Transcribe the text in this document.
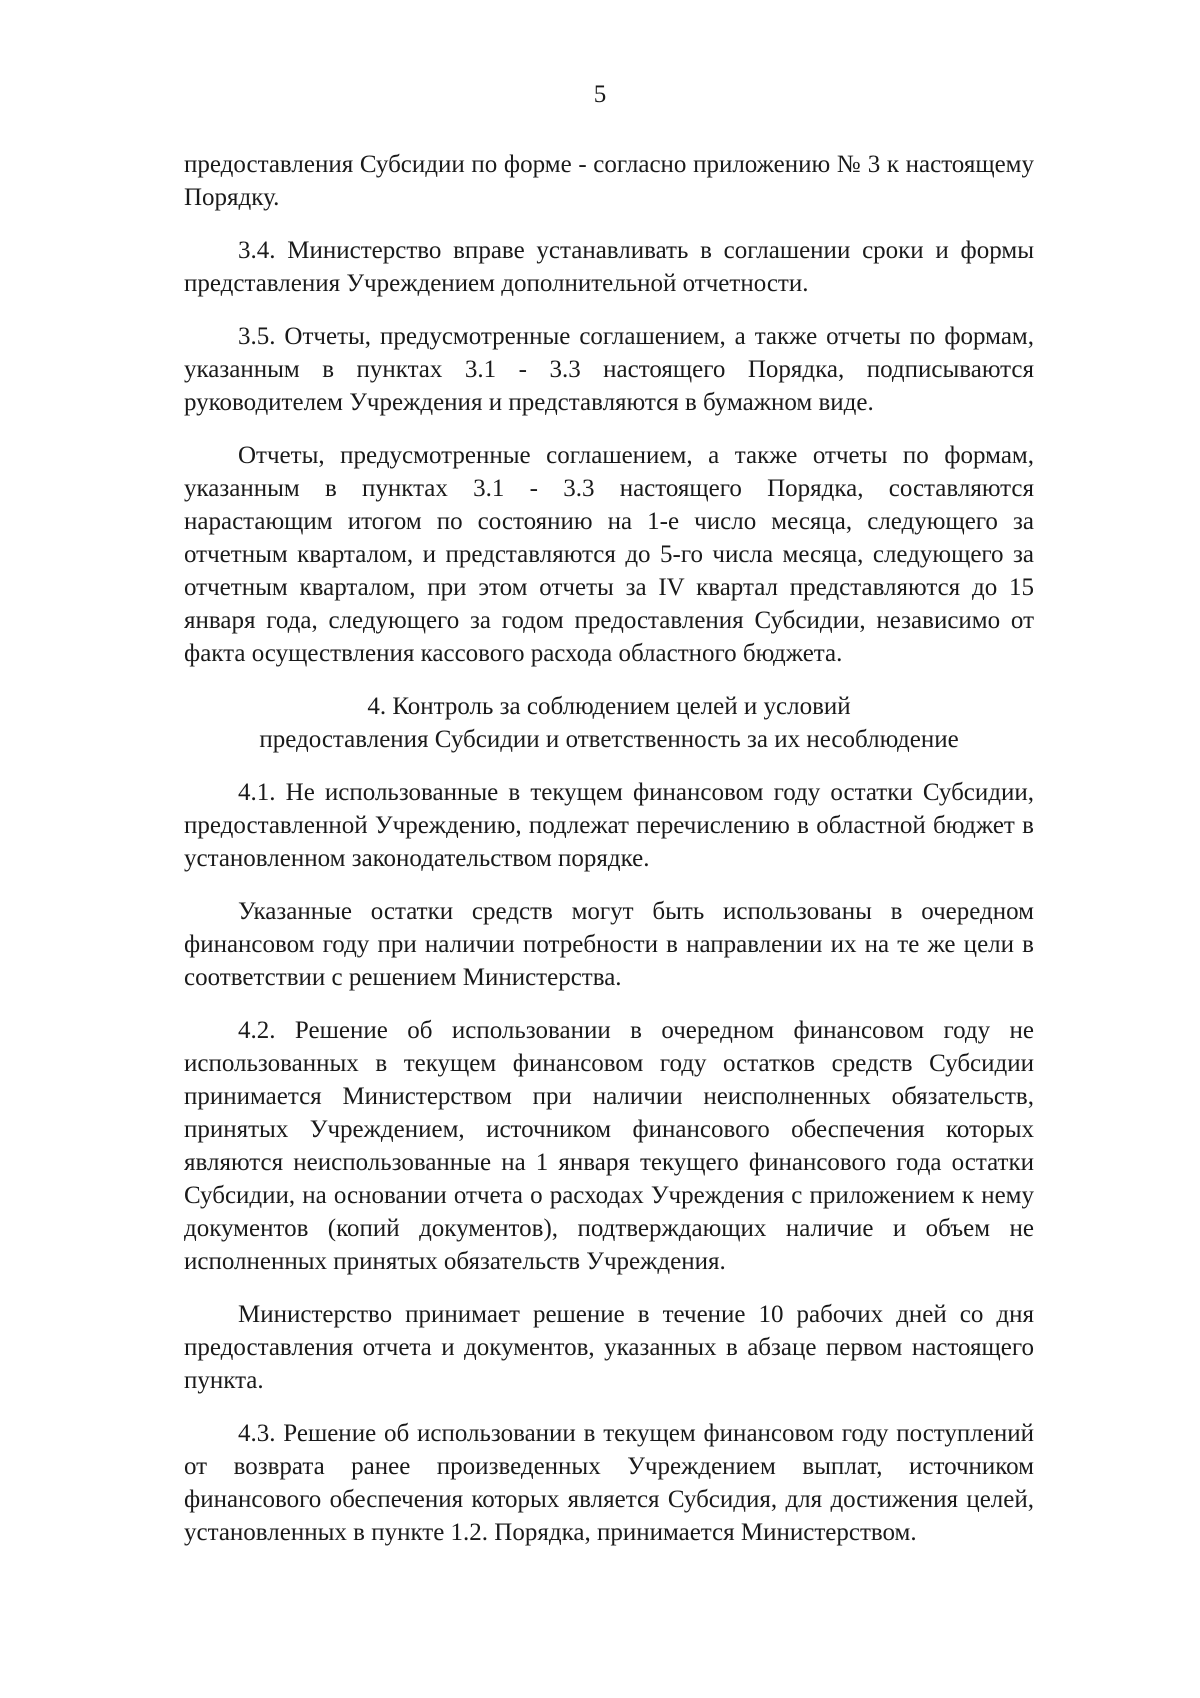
5

предоставления Субсидии по форме - согласно приложению № 3 к настоящему Порядку.

3.4. Министерство вправе устанавливать в соглашении сроки и формы представления Учреждением дополнительной отчетности.

3.5. Отчеты, предусмотренные соглашением, а также отчеты по формам, указанным в пунктах 3.1 - 3.3 настоящего Порядка, подписываются руководителем Учреждения и представляются в бумажном виде.

Отчеты, предусмотренные соглашением, а также отчеты по формам, указанным в пунктах 3.1 - 3.3 настоящего Порядка, составляются нарастающим итогом по состоянию на 1-е число месяца, следующего за отчетным кварталом, и представляются до 5-го числа месяца, следующего за отчетным кварталом, при этом отчеты за IV квартал представляются до 15 января года, следующего за годом предоставления Субсидии, независимо от факта осуществления кассового расхода областного бюджета.

4. Контроль за соблюдением целей и условий
предоставления Субсидии и ответственность за их несоблюдение

4.1. Не использованные в текущем финансовом году остатки Субсидии, предоставленной Учреждению, подлежат перечислению в областной бюджет в установленном законодательством порядке.

Указанные остатки средств могут быть использованы в очередном финансовом году при наличии потребности в направлении их на те же цели в соответствии с решением Министерства.

4.2. Решение об использовании в очередном финансовом году не использованных в текущем финансовом году остатков средств Субсидии принимается Министерством при наличии неисполненных обязательств, принятых Учреждением, источником финансового обеспечения которых являются неиспользованные на 1 января текущего финансового года остатки Субсидии, на основании отчета о расходах Учреждения с приложением к нему документов (копий документов), подтверждающих наличие и объем не исполненных принятых обязательств Учреждения.

Министерство принимает решение в течение 10 рабочих дней со дня предоставления отчета и документов, указанных в абзаце первом настоящего пункта.

4.3. Решение об использовании в текущем финансовом году поступлений от возврата ранее произведенных Учреждением выплат, источником финансового обеспечения которых является Субсидия, для достижения целей, установленных в пункте 1.2. Порядка, принимается Министерством.
